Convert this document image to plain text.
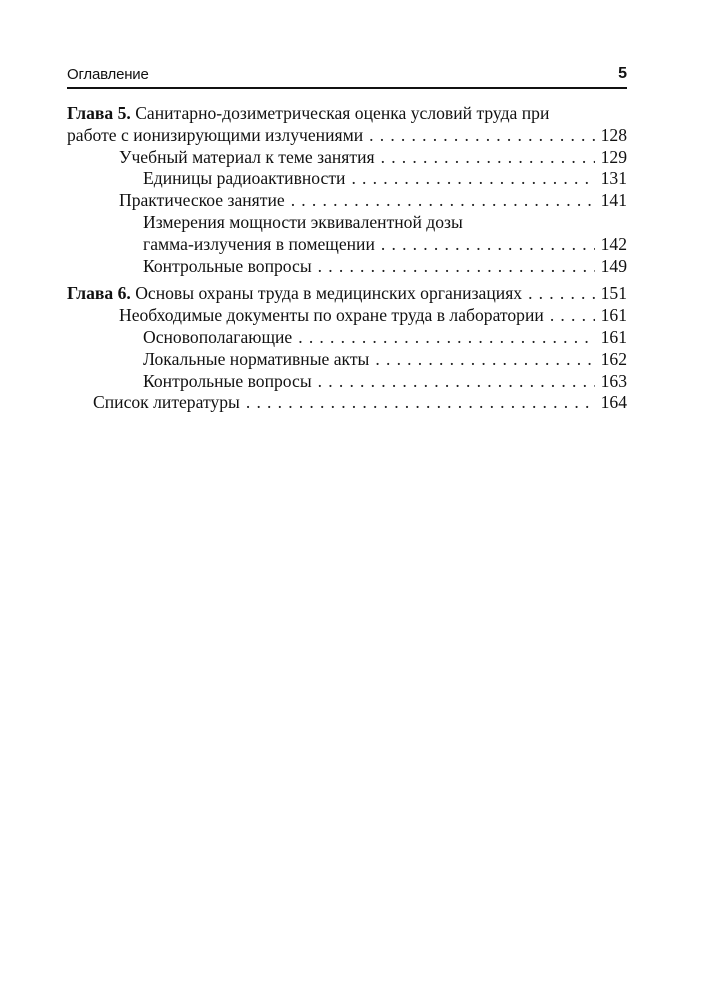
Оглавление	5
Глава 5. Санитарно-дозиметрическая оценка условий труда при
работе с ионизирующими излучениями . . .	128
Учебный материал к теме занятия . . .	129
Единицы радиоактивности . . .	131
Практическое занятие . . .	141
Измерения мощности эквивалентной дозы
гамма-излучения в помещении . . .	142
Контрольные вопросы . . .	149
Глава 6. Основы охраны труда в медицинских организациях . . .	151
Необходимые документы по охране труда в лаборатории . . .	161
Основополагающие . . .	161
Локальные нормативные акты . . .	162
Контрольные вопросы . . .	163
Список литературы . . .	164
